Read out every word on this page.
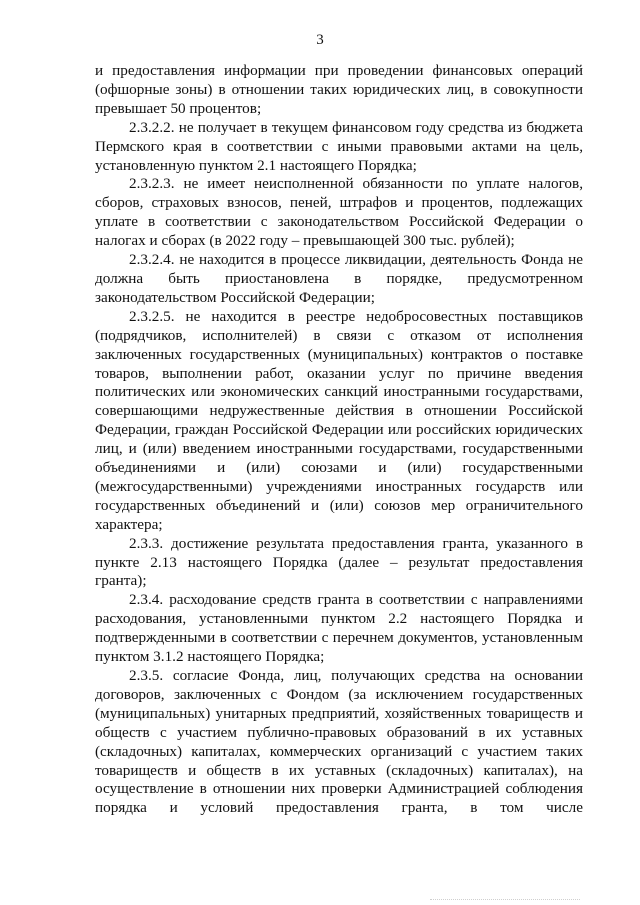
3

и предоставления информации при проведении финансовых операций (офшорные зоны) в отношении таких юридических лиц, в совокупности превышает 50 процентов;

2.3.2.2. не получает в текущем финансовом году средства из бюджета Пермского края в соответствии с иными правовыми актами на цель, установленную пунктом 2.1 настоящего Порядка;

2.3.2.3. не имеет неисполненной обязанности по уплате налогов, сборов, страховых взносов, пеней, штрафов и процентов, подлежащих уплате в соответствии с законодательством Российской Федерации о налогах и сборах (в 2022 году – превышающей 300 тыс. рублей);

2.3.2.4. не находится в процессе ликвидации, деятельность Фонда не должна быть приостановлена в порядке, предусмотренном законодательством Российской Федерации;

2.3.2.5. не находится в реестре недобросовестных поставщиков (подрядчиков, исполнителей) в связи с отказом от исполнения заключенных государственных (муниципальных) контрактов о поставке товаров, выполнении работ, оказании услуг по причине введения политических или экономических санкций иностранными государствами, совершающими недружественные действия в отношении Российской Федерации, граждан Российской Федерации или российских юридических лиц, и (или) введением иностранными государствами, государственными объединениями и (или) союзами и (или) государственными (межгосударственными) учреждениями иностранных государств или государственных объединений и (или) союзов мер ограничительного характера;

2.3.3. достижение результата предоставления гранта, указанного в пункте 2.13 настоящего Порядка (далее – результат предоставления гранта);

2.3.4. расходование средств гранта в соответствии с направлениями расходования, установленными пунктом 2.2 настоящего Порядка и подтвержденными в соответствии с перечнем документов, установленным пунктом 3.1.2 настоящего Порядка;

2.3.5. согласие Фонда, лиц, получающих средства на основании договоров, заключенных с Фондом (за исключением государственных (муниципальных) унитарных предприятий, хозяйственных товариществ и обществ с участием публично-правовых образований в их уставных (складочных) капиталах, коммерческих организаций с участием таких товариществ и обществ в их уставных (складочных) капиталах), на осуществление в отношении них проверки Администрацией соблюдения порядка и условий предоставления гранта, в том числе
